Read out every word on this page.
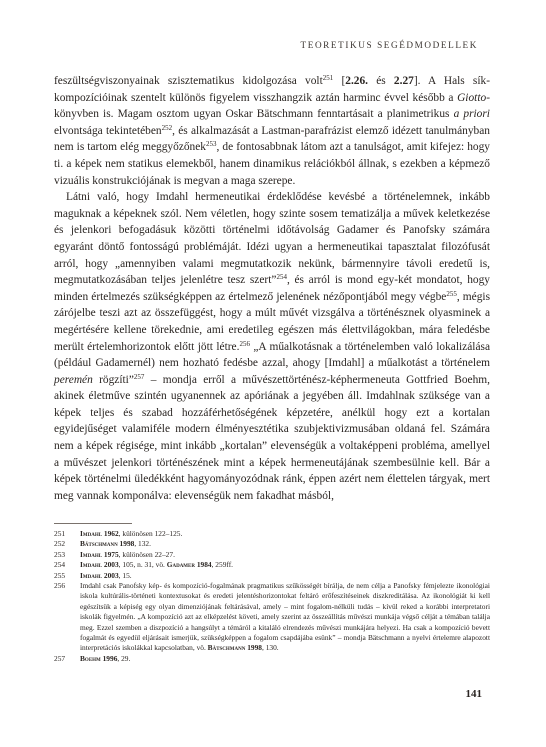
TEORETIKUS SEGÉDMODELLEK

feszültségviszonyainak szisztematikus kidolgozása volt$^{251}$ [2.26. és 2.27]. A Hals sík-kompozícióinak szentelt különös figyelem visszhangzik aztán harminc évvel később a Giotto-könyvben is. Magam osztom ugyan Oskar Bätschmann fenntartásait a planimetrikus a priori elvontsága tekintetében$^{252}$, és alkalmazását a Lastman-parafrázist elemző idézett tanulmányban nem is tartom elég meggyőzőnek$^{253}$, de fontosabbnak látom azt a tanulságot, amit kifejez: hogy ti. a képek nem statikus elemekből, hanem dinamikus relációkból állnak, s ezekben a képmező vizuális konstrukciójának is megvan a maga szerepe.

Látni való, hogy Imdahl hermeneutikai érdeklődése kevésbé a történelemnek, inkább maguknak a képeknek szól. Nem véletlen, hogy szinte sosem tematizálja a művek keletkezése és jelenkori befogadásuk közötti történelmi időtávolság Gadamer és Panofsky számára egyaránt döntő fontosságú problémáját. Idézi ugyan a hermeneutikai tapasztalat filozófusát arról, hogy „amennyiben valami megmutatkozik nekünk, bármennyire távoli eredetű is, megmutatkozásában teljes jelenlétre tesz szert”$^{254}$, és arról is mond egy-két mondatot, hogy minden értelmezés szükségképpen az értelmező jelenének nézőpontjából megy végbe$^{255}$, mégis zárójelbe teszi azt az összefüggést, hogy a múlt művét vizsgálva a történésznek olyasminek a megértésére kellene törekednie, ami eredetileg egészen más élettvilágokban, mára feledésbe merült értelemhorizontok előtt jött létre.$^{256}$ „A műalkotásnak a történelemben való lokalizálása (például Gadamernél) nem hozható fedésbe azzal, ahogy [Imdahl] a műalkotást a történelem peremén rögzíti”$^{257}$ – mondja erről a művészettörténész-képhermeneuta Gottfried Boehm, akinek életműve szintén ugyanennek az apóriának a jegyében áll. Imdahlnak szüksége van a képek teljes és szabad hozzáférhetőségének képzetére, anélkül hogy ezt a kortalan egyidejűséget valamiféle modern élményesztétika szubjektivizmusában oldaná fel. Számára nem a képek régisége, mint inkább „kortalan” elevenségük a voltaképpeni probléma, amellyel a művészet jelenkori történészének mint a képek hermeneutájának szembesülnie kell. Bár a képek történelmi üledékként hagyományozódnak ránk, éppen azért nem élettelen tárgyak, mert meg vannak komponálva: elevenségük nem fakadhat másból,

251	Imdahl 1962, különösen 122–125.
252	Bätschmann 1998, 132.
253	Imdahl 1975, különösen 22–27.
254	Imdahl 2003, 105, n. 31, vö. Gadamer 1984, 259ff.
255	Imdahl 2003, 15.
256	Imdahl csak Panofsky kép- és kompozíció-fogalmának pragmatikus szűkösségét bírálja, de nem célja a Panofsky fémjelezte ikonológiai iskola kultúrális-történeti kontextusokat és eredeti jelentéshorizontokat feltáró erőfeszítéseinek diszkreditálása. Az ikonológiát ki kell egészítsük a képiség egy olyan dimenziójának feltárásával, amely – mint fogalom-nélküli tudás – kívül reked a korábbi interpretatori iskolák figyelmén. „A kompozíció azt az elképzelést követi, amely szerint az összeállítás művészi munkája végső célját a témában találja meg. Ezzel szemben a diszpozíció a hangsúlyt a témáról a kitaláló elrendezés művészi munkájára helyezi. Ha csak a kompozíció bevett fogalmát és egyedül eljárásait ismerjük, szükségképpen a fogalom csapdájába esünk” – mondja Bätschmann a nyelvi értelemre alapozott interpretációs iskolákkal kapcsolatban, vö. Bätschmann 1998, 130.
257	Boehm 1996, 29.
141
